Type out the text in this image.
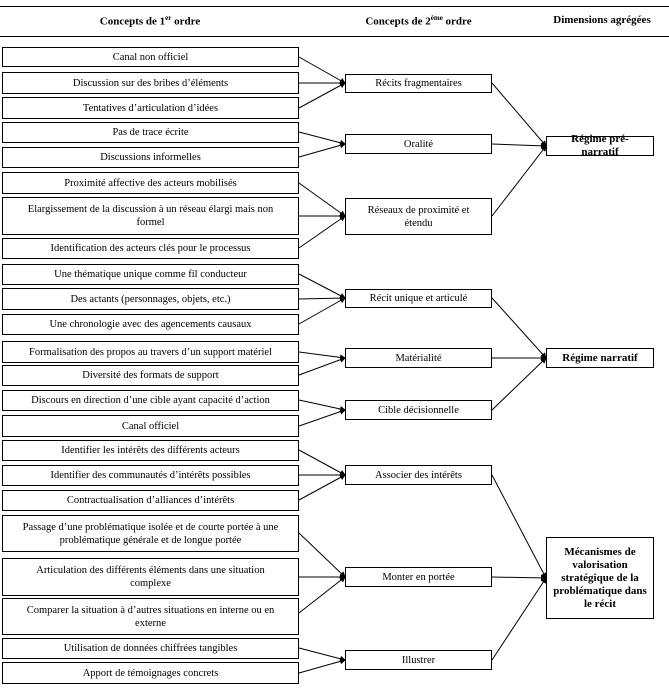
Concepts de 1er ordre	Concepts de 2ème ordre	Dimensions agrégées
Canal non officiel
Discussion sur des bribes d’éléments
Tentatives d’articulation d’idées
Pas de trace écrite
Discussions informelles
Proximité affective des acteurs mobilisés
Elargissement de la discussion à un réseau élargi mais non formel
Identification des acteurs clés pour le processus
Une thématique unique comme fil conducteur
Des actants (personnages, objets, etc.)
Une chronologie avec des agencements causaux
Formalisation des propos au travers d’un support matériel
Diversité des formats de support
Discours en direction d’une cible ayant capacité d’action
Canal officiel
Identifier les intérêts des différents acteurs
Identifier des communautés d’intérêts possibles
Contractualisation d’alliances d’intérêts
Passage d’une problématique isolée et de courte portée à une problématique générale et de longue portée
Articulation des différents éléments dans une situation complexe
Comparer la situation à d’autres situations en interne ou en externe
Utilisation de données chiffrées tangibles
Apport de témoignages concrets
Récits fragmentaires
Oralité
Réseaux de proximité et étendu
Récit unique et articulé
Matérialité
Cible décisionnelle
Associer des intérêts
Monter en portée
Illustrer
Régime pré-narratif
Régime narratif
Mécanismes de valorisation stratégique de la problématique dans le récit
